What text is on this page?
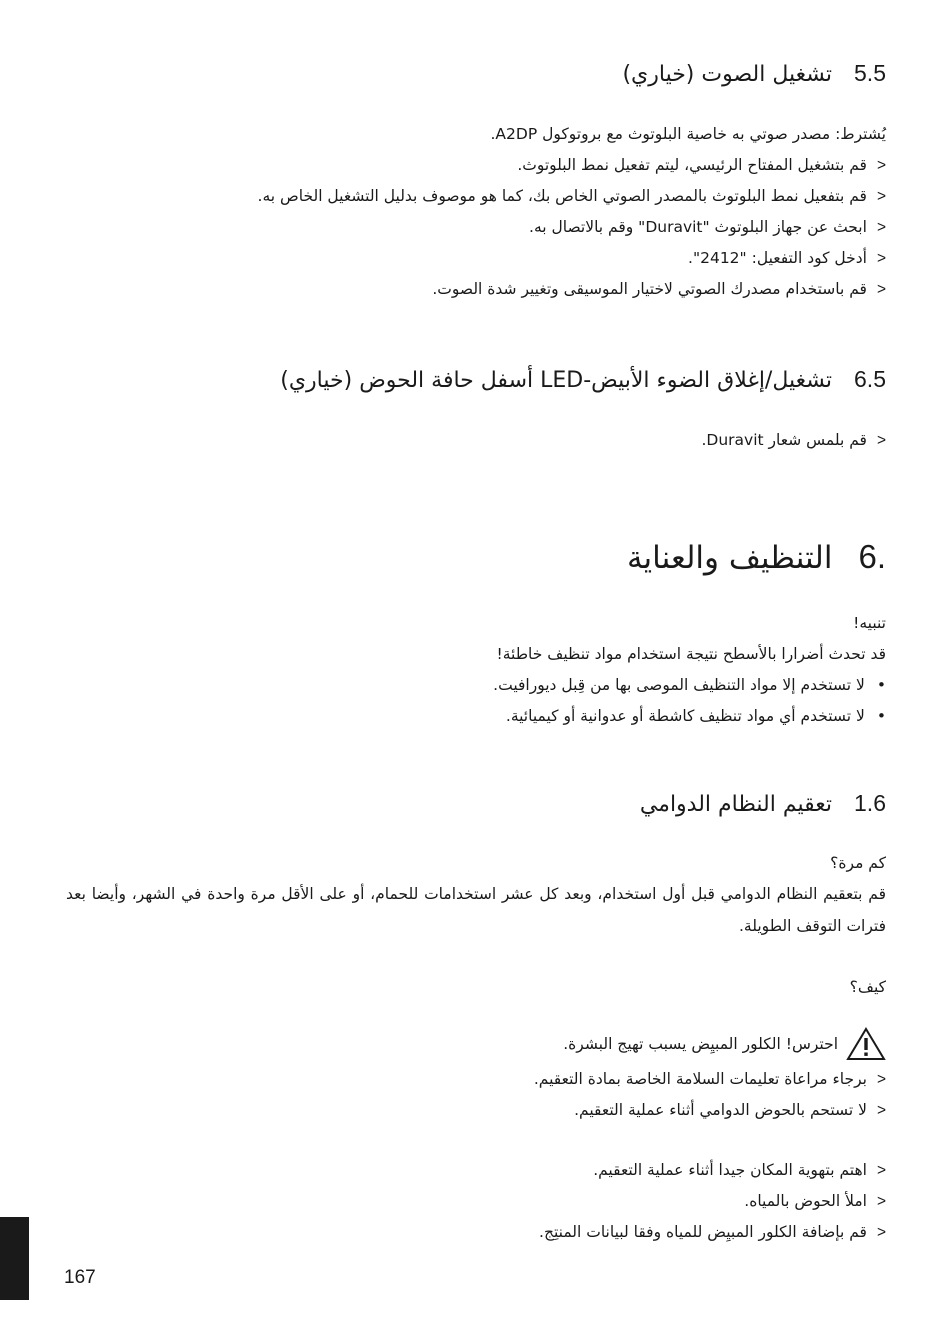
5.5
تشغيل الصوت (خياري)
يُشترط: مصدر صوتي به خاصية البلوتوث مع بروتوكول A2DP.
< قم بتشغيل المفتاح الرئيسي، ليتم تفعيل نمط البلوتوث.
< قم بتفعيل نمط البلوتوث بالمصدر الصوتي الخاص بك، كما هو موصوف بدليل التشغيل الخاص به.
< ابحث عن جهاز البلوتوث "Duravit" وقم بالاتصال به.
< أدخل كود التفعيل: "2412".
< قم باستخدام مصدرك الصوتي لاختيار الموسيقى وتغيير شدة الصوت.
6.5
تشغيل/إغلاق الضوء الأبيض-LED أسفل حافة الحوض (خياري)
< قم بلمس شعار Duravit.
.6
التنظيف والعناية
تنبيه!
قد تحدث أضرارا بالأسطح نتيجة استخدام مواد تنظيف خاطئة!
• لا تستخدم إلا مواد التنظيف الموصى بها من قِبل ديورافيت.
• لا تستخدم أي مواد تنظيف كاشطة أو عدوانية أو كيميائية.
1.6
تعقيم النظام الدوامي
كم مرة؟
قم بتعقيم النظام الدوامي قبل أول استخدام، وبعد كل عشر استخدامات للحمام، أو على الأقل مرة واحدة في الشهر، وأيضا بعد فترات التوقف الطويلة.
كيف؟
احترس! الكلور المبيِض يسبب تهيج البشرة.
< برجاء مراعاة تعليمات السلامة الخاصة بمادة التعقيم.
< لا تستحم بالحوض الدوامي أثناء عملية التعقيم.
< اهتم بتهوية المكان جيدا أثناء عملية التعقيم.
< املأ الحوض بالمياه.
< قم بإضافة الكلور المبيِض للمياه وفقا لبيانات المنتِج.
167
